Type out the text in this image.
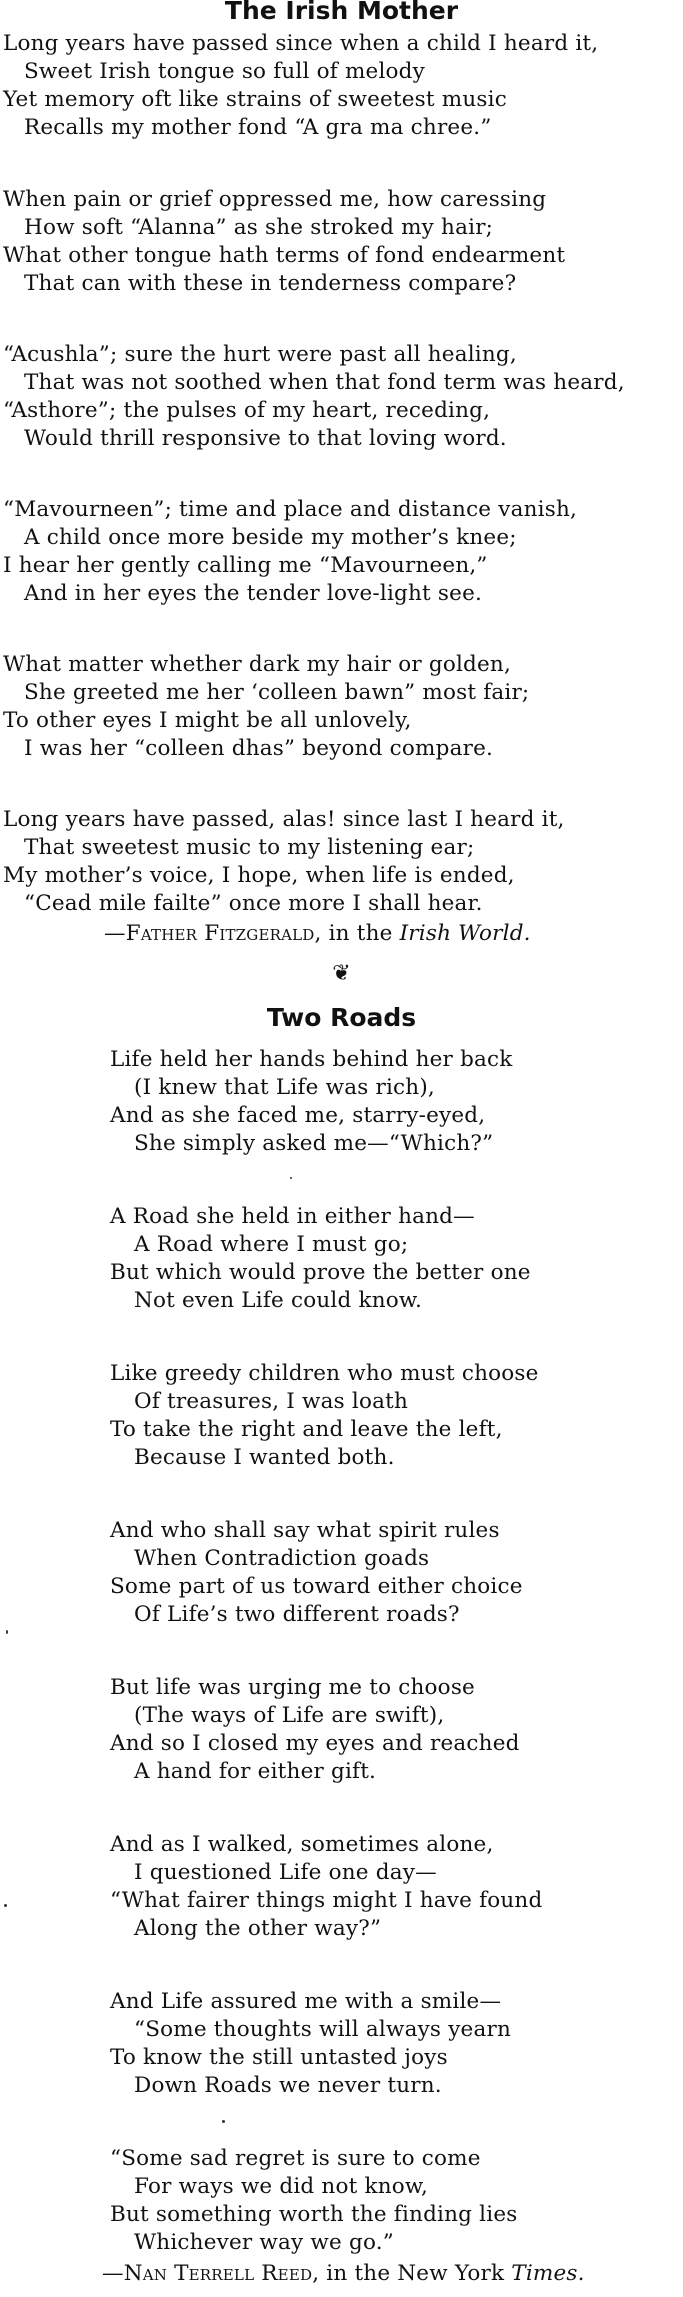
The Irish Mother
Long years have passed since when a child I heard it,
Sweet Irish tongue so full of melody
Yet memory oft like strains of sweetest music
Recalls my mother fond “A gra ma chree.”
When pain or grief oppressed me, how caressing
How soft “Alanna” as she stroked my hair;
What other tongue hath terms of fond endearment
That can with these in tenderness compare?
“Acushla”; sure the hurt were past all healing,
That was not soothed when that fond term was heard,
“Asthore”; the pulses of my heart, receding,
Would thrill responsive to that loving word.
“Mavourneen”; time and place and distance vanish,
A child once more beside my mother’s knee;
I hear her gently calling me “Mavourneen,”
And in her eyes the tender love-light see.
What matter whether dark my hair or golden,
She greeted me her ‘colleen bawn” most fair;
To other eyes I might be all unlovely,
I was her “colleen dhas” beyond compare.
Long years have passed, alas! since last I heard it,
That sweetest music to my listening ear;
My mother’s voice, I hope, when life is ended,
“Cead mile failte” once more I shall hear.
—Father Fitzgerald, in the Irish World.
❦
Two Roads
Life held her hands behind her back
(I knew that Life was rich),
And as she faced me, starry-eyed,
She simply asked me—“Which?”
A Road she held in either hand—
A Road where I must go;
But which would prove the better one
Not even Life could know.
Like greedy children who must choose
Of treasures, I was loath
To take the right and leave the left,
Because I wanted both.
And who shall say what spirit rules
When Contradiction goads
Some part of us toward either choice
Of Life’s two different roads?
But life was urging me to choose
(The ways of Life are swift),
And so I closed my eyes and reached
A hand for either gift.
And as I walked, sometimes alone,
I questioned Life one day—
“What fairer things might I have found
Along the other way?”
And Life assured me with a smile—
“Some thoughts will always yearn
To know the still untasted joys
Down Roads we never turn.
“Some sad regret is sure to come
For ways we did not know,
But something worth the finding lies
Whichever way we go.”
—Nan Terrell Reed, in the New York Times.
